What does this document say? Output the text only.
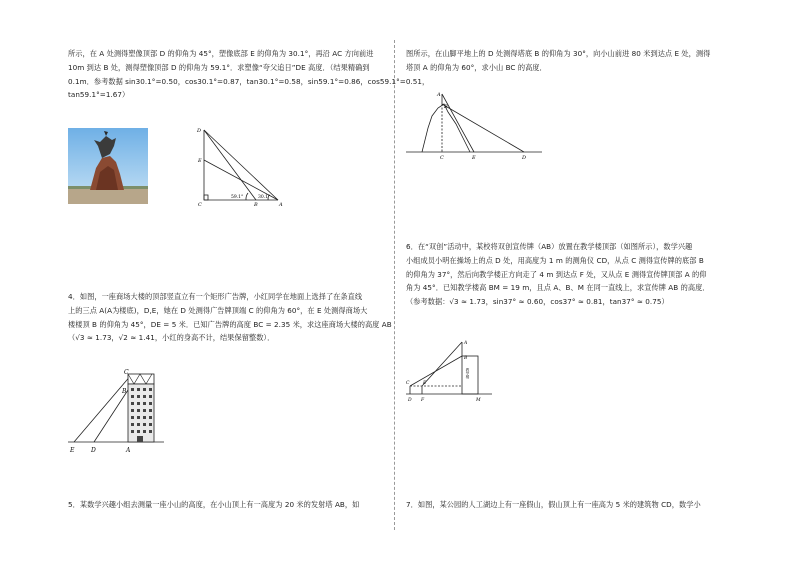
所示，在 A 处测得塑像顶部 D 的仰角为 45°，塑像底部 E 的仰角为 30.1°，再沿 AC 方向前进
10m 到达 B 处，测得塑像顶部 D 的仰角为 59.1°．求塑像“夸父追日”DE 高度．（结果精确到
0.1m．参考数据 sin30.1°=0.50，cos30.1°=0.87，tan30.1°=0.58，sin59.1°=0.86，cos59.1°=0.51，
tan59.1°=1.67）
D
E
C	B	A
59.1°	30.1°
4．如图，一座商场大楼的顶部竖直立有一个矩形广告牌，小红同学在地面上选择了在条直线
上的三点 A(A为楼底)，D,E，她在 D 处测得广告牌顶端 C 的仰角为 60°，在 E 处测得商场大
楼楼顶 B 的仰角为 45°，DE = 5 米．已知广告牌的高度 BC = 2.35 米，求这座商场大楼的高度 AB
（√3 ≈ 1.73，√2 ≈ 1.41，小红的身高不计，结果保留整数）．
C
B
E	D	A
5．某数学兴趣小组去测量一座小山的高度，在小山顶上有一高度为 20 米的发射塔 AB，如
图所示，在山脚平地上的 D 处测得塔底 B 的仰角为 30°，向小山前进 80 米到达点 E 处，测得
塔顶 A 的仰角为 60°，求小山 BC 的高度．
A
B
C	E	D
6．在“双创”活动中，某校将双创宣传牌（AB）放置在教学楼顶部（如图所示），数学兴趣
小组成员小明在操场上的点 D 处，用高度为 1 m 的测角仪 CD，从点 C 测得宣传牌的底部 B
的仰角为 37°，然后向教学楼正方向走了 4 m 到达点 F 处，又从点 E 测得宣传牌顶部 A 的仰
角为 45°．已知教学楼高 BM = 19 m，且点 A、B、M 在同一直线上，求宣传牌 AB 的高度．
（参考数据：√3 ≈ 1.73，sin37° ≈ 0.60，cos37° ≈ 0.81，tan37° ≈ 0.75）
A
B
C	E
D F	M
教学楼
7．如图，某公园的人工湖边上有一座假山，假山顶上有一座高为 5 米的建筑物 CD，数学小
